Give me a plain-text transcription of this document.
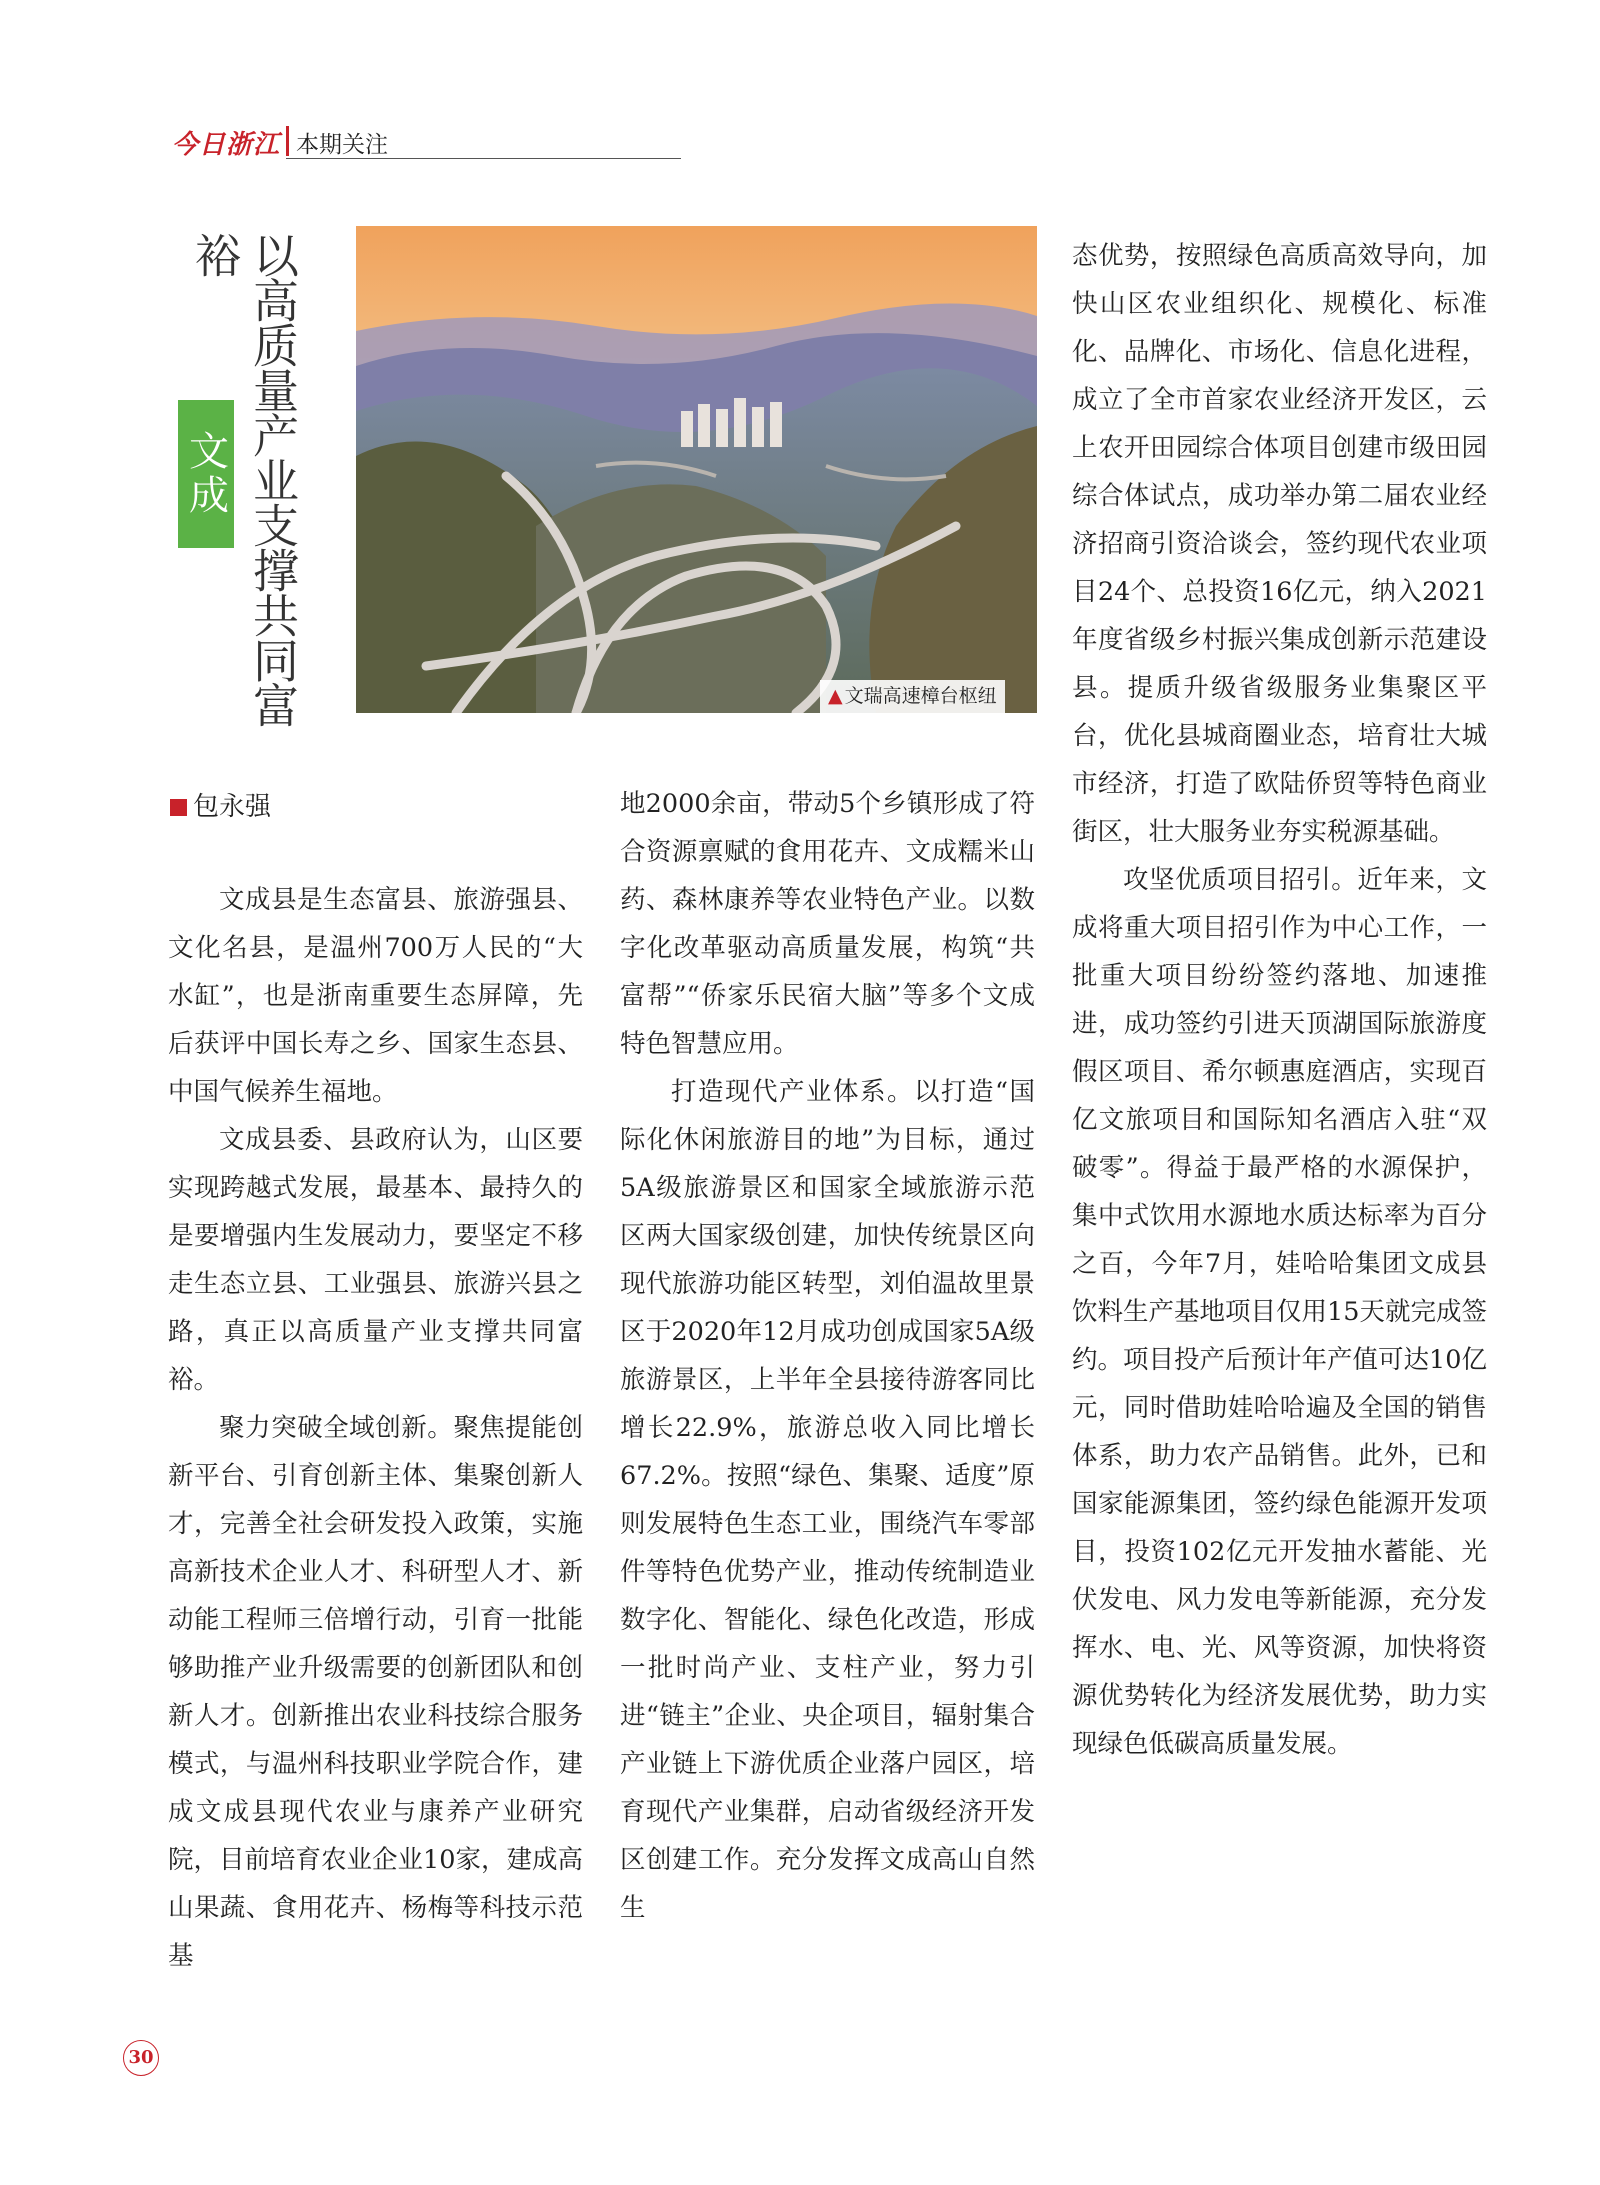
今日浙江 本期关注
文成 以高质量产业支撑共同富裕
▲ 文瑞高速樟台枢纽
包永强

文成县是生态富县、旅游强县、文化名县，是温州700万人民的“大水缸”，也是浙南重要生态屏障，先后获评中国长寿之乡、国家生态县、中国气候养生福地。

文成县委、县政府认为，山区要实现跨越式发展，最基本、最持久的是要增强内生发展动力，要坚定不移走生态立县、工业强县、旅游兴县之路，真正以高质量产业支撑共同富裕。

聚力突破全域创新。聚焦提能创新平台、引育创新主体、集聚创新人才，完善全社会研发投入政策，实施高新技术企业人才、科研型人才、新动能工程师三倍增行动，引育一批能够助推产业升级需要的创新团队和创新人才。创新推出农业科技综合服务模式，与温州科技职业学院合作，建成文成县现代农业与康养产业研究院，目前培育农业企业10家，建成高山果蔬、食用花卉、杨梅等科技示范基

地2000余亩，带动5个乡镇形成了符合资源禀赋的食用花卉、文成糯米山药、森林康养等农业特色产业。以数字化改革驱动高质量发展，构筑“共富帮”“侨家乐民宿大脑”等多个文成特色智慧应用。

打造现代产业体系。以打造“国际化休闲旅游目的地”为目标，通过5A级旅游景区和国家全域旅游示范区两大国家级创建，加快传统景区向现代旅游功能区转型，刘伯温故里景区于2020年12月成功创成国家5A级旅游景区，上半年全县接待游客同比增长22.9%，旅游总收入同比增长67.2%。按照“绿色、集聚、适度”原则发展特色生态工业，围绕汽车零部件等特色优势产业，推动传统制造业数字化、智能化、绿色化改造，形成一批时尚产业、支柱产业，努力引进“链主”企业、央企项目，辐射集合产业链上下游优质企业落户园区，培育现代产业集群，启动省级经济开发区创建工作。充分发挥文成高山自然生

态优势，按照绿色高质高效导向，加快山区农业组织化、规模化、标准化、品牌化、市场化、信息化进程，成立了全市首家农业经济开发区，云上农开田园综合体项目创建市级田园综合体试点，成功举办第二届农业经济招商引资洽谈会，签约现代农业项目24个、总投资16亿元，纳入2021年度省级乡村振兴集成创新示范建设县。提质升级省级服务业集聚区平台，优化县城商圈业态，培育壮大城市经济，打造了欧陆侨贸等特色商业街区，壮大服务业夯实税源基础。

攻坚优质项目招引。近年来，文成将重大项目招引作为中心工作，一批重大项目纷纷签约落地、加速推进，成功签约引进天顶湖国际旅游度假区项目、希尔顿惠庭酒店，实现百亿文旅项目和国际知名酒店入驻“双破零”。得益于最严格的水源保护，集中式饮用水源地水质达标率为百分之百，今年7月，娃哈哈集团文成县饮料生产基地项目仅用15天就完成签约。项目投产后预计年产值可达10亿元，同时借助娃哈哈遍及全国的销售体系，助力农产品销售。此外，已和国家能源集团，签约绿色能源开发项目，投资102亿元开发抽水蓄能、光伏发电、风力发电等新能源，充分发挥水、电、光、风等资源，加快将资源优势转化为经济发展优势，助力实现绿色低碳高质量发展。

30
